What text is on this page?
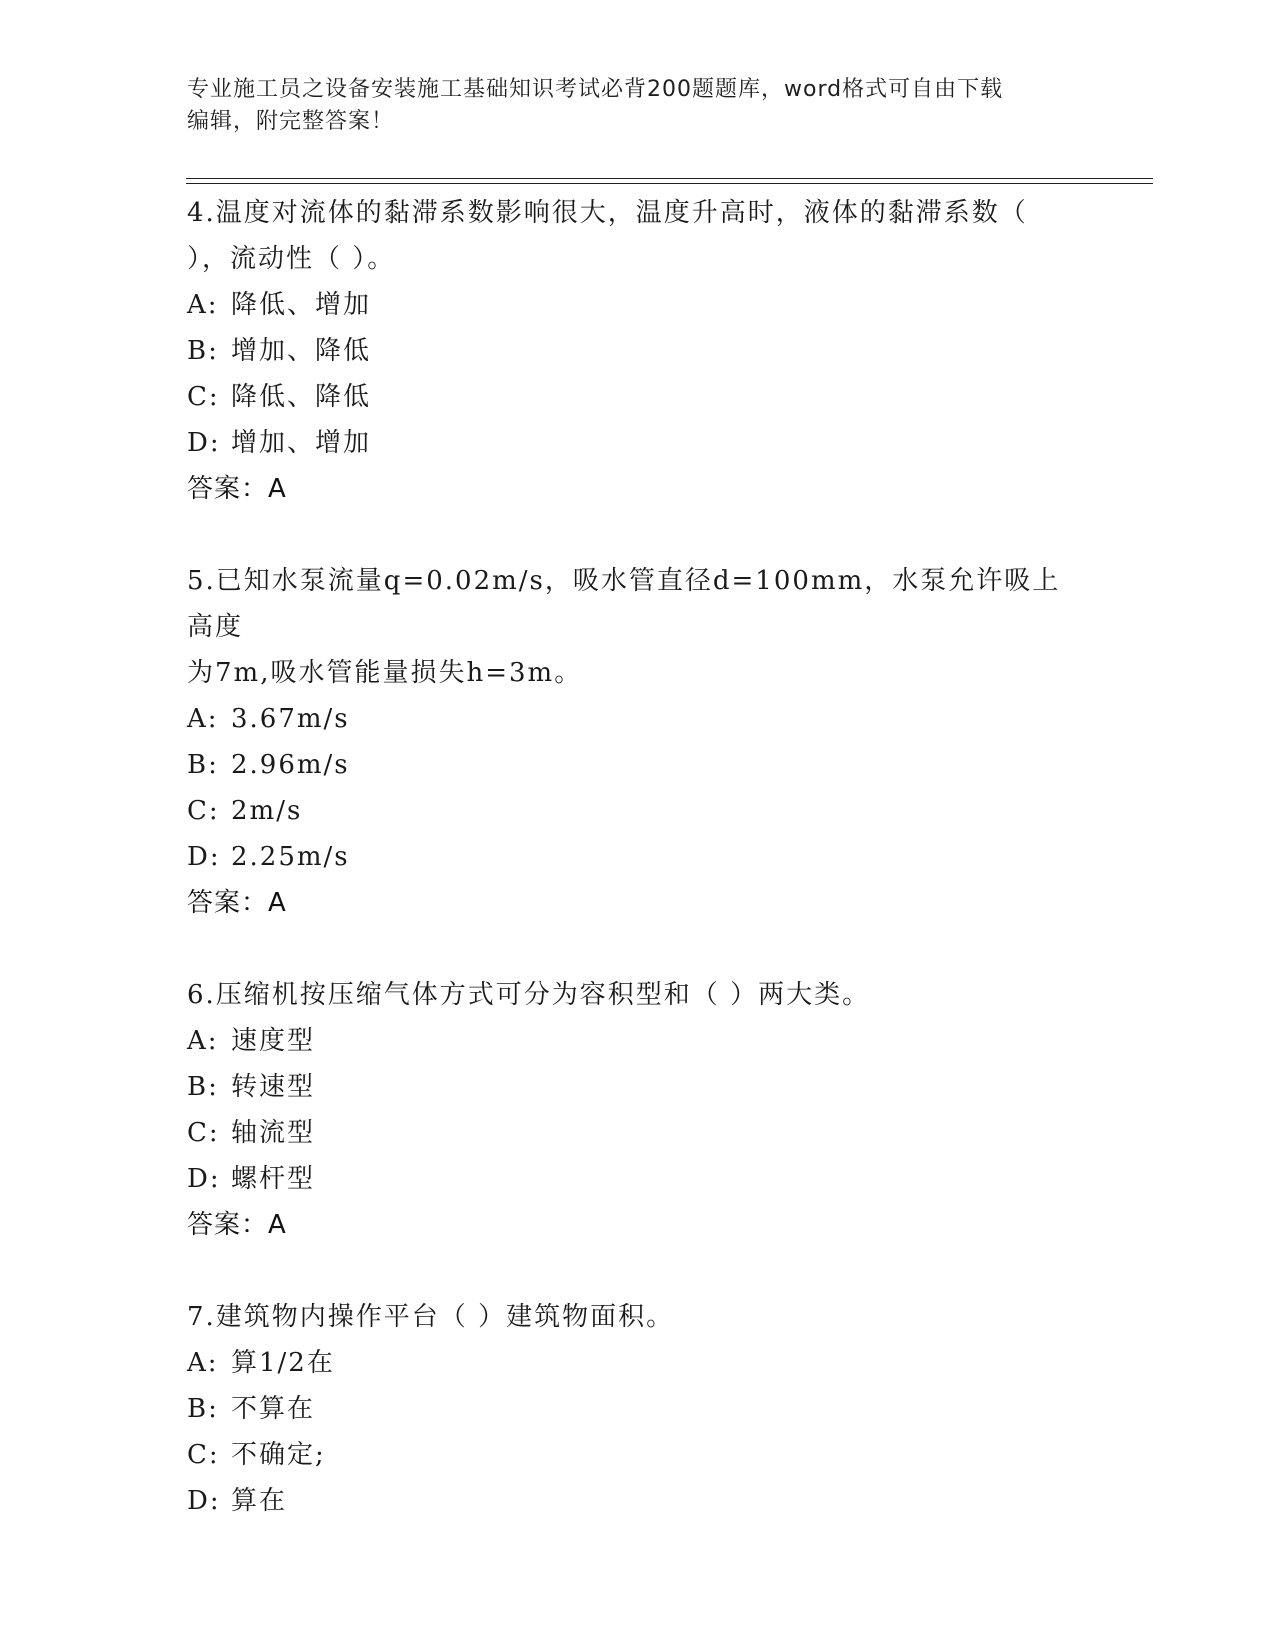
专业施工员之设备安装施工基础知识考试必背200题题库，word格式可自由下载
编辑，附完整答案！
4.温度对流体的黏滞系数影响很大，温度升高时，液体的黏滞系数（
），流动性（ ）。
A: 降低、增加
B: 增加、降低
C: 降低、降低
D: 增加、增加
答案：A
5.已知水泵流量q=0.02m/s，吸水管直径d=100mm，水泵允许吸上高度
为7m,吸水管能量损失h=3m。
A: 3.67m/s
B: 2.96m/s
C: 2m/s
D: 2.25m/s
答案：A
6.压缩机按压缩气体方式可分为容积型和（ ）两大类。
A: 速度型
B: 转速型
C: 轴流型
D: 螺杆型
答案：A
7.建筑物内操作平台（ ）建筑物面积。
A: 算1/2在
B: 不算在
C: 不确定;
D: 算在
